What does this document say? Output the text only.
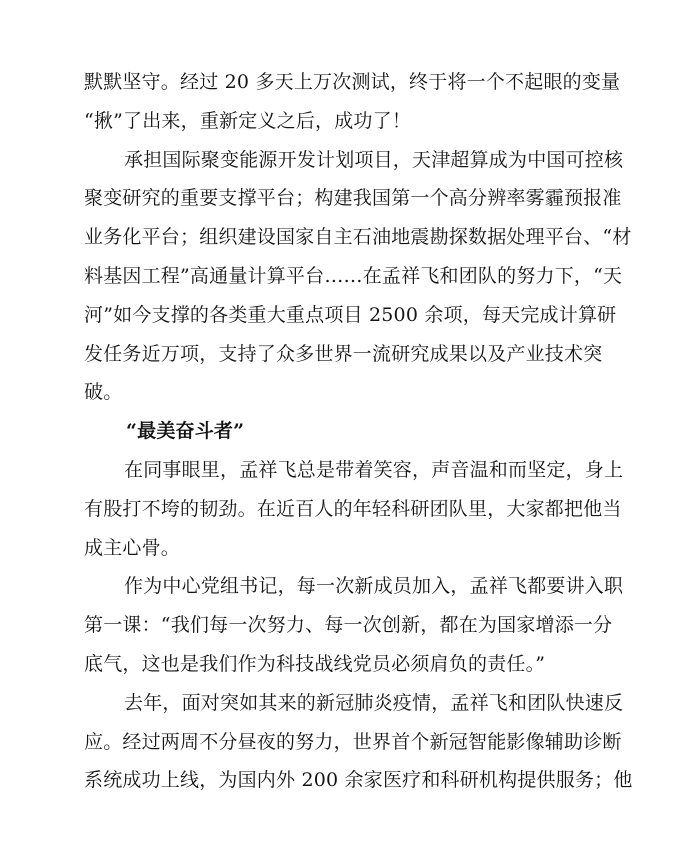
默默坚守。经过 20 多天上万次测试，终于将一个不起眼的变量
“揪”了出来，重新定义之后，成功了！
承担国际聚变能源开发计划项目，天津超算成为中国可控核
聚变研究的重要支撑平台；构建我国第一个高分辨率雾霾预报准
业务化平台；组织建设国家自主石油地震勘探数据处理平台、“材
料基因工程”高通量计算平台……在孟祥飞和团队的努力下，“天
河”如今支撑的各类重大重点项目 2500 余项，每天完成计算研
发任务近万项，支持了众多世界一流研究成果以及产业技术突
破。
“最美奋斗者”
在同事眼里，孟祥飞总是带着笑容，声音温和而坚定，身上
有股打不垮的韧劲。在近百人的年轻科研团队里，大家都把他当
成主心骨。
作为中心党组书记，每一次新成员加入，孟祥飞都要讲入职
第一课：“我们每一次努力、每一次创新，都在为国家增添一分
底气，这也是我们作为科技战线党员必须肩负的责任。”
去年，面对突如其来的新冠肺炎疫情，孟祥飞和团队快速反
应。经过两周不分昼夜的努力，世界首个新冠智能影像辅助诊断
系统成功上线，为国内外 200 余家医疗和科研机构提供服务；他
